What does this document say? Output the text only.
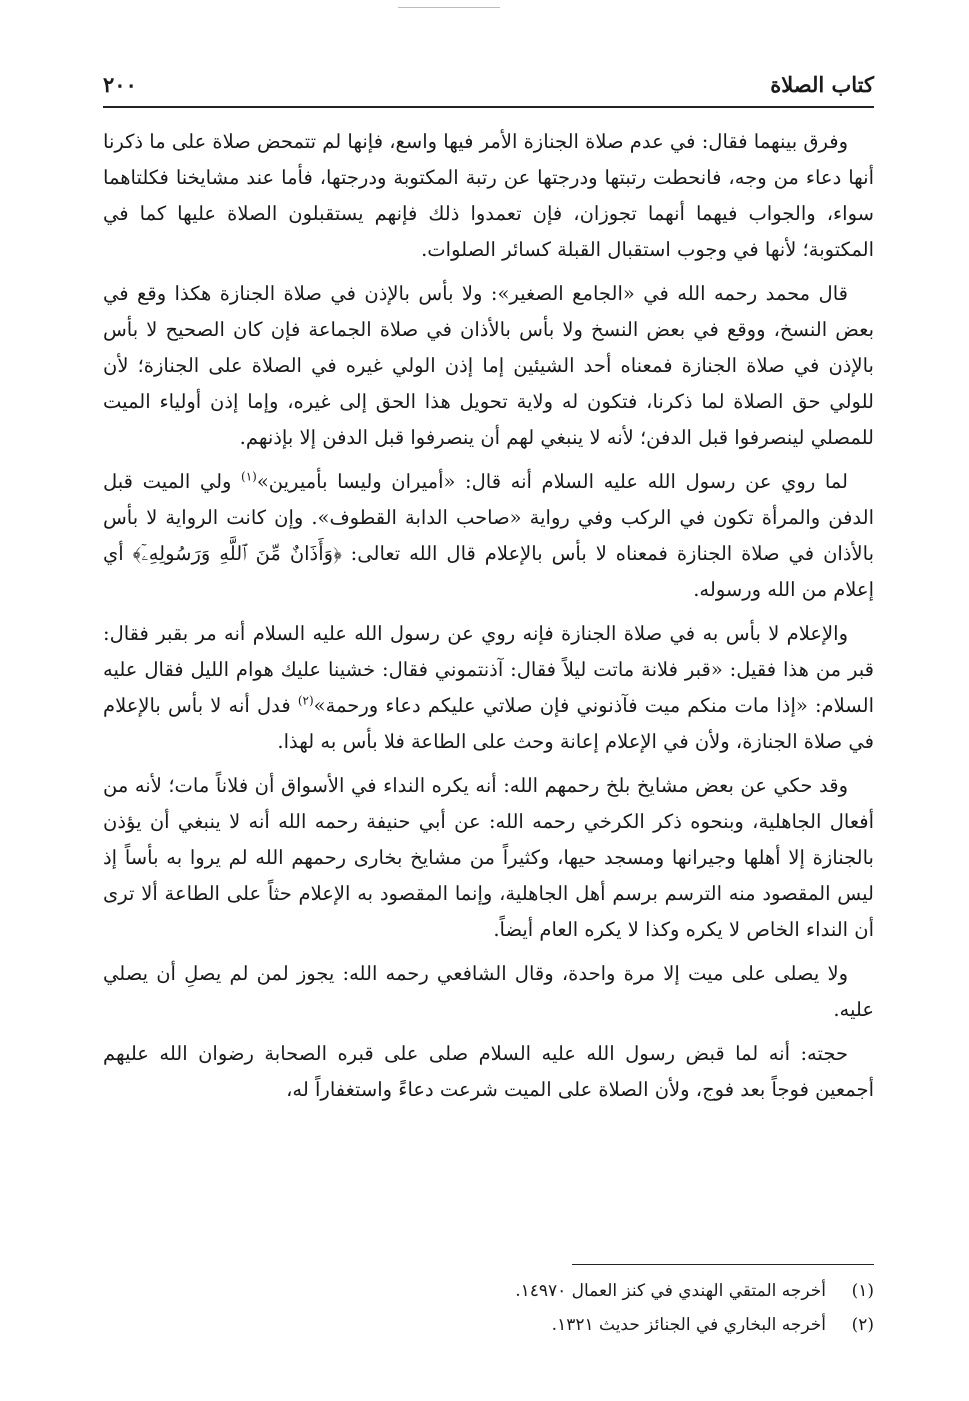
كتاب الصلاة
٢٠٠

وفرق بينهما فقال: في عدم صلاة الجنازة الأمر فيها واسع، فإنها لم تتمحض صلاة على ما ذكرنا أنها دعاء من وجه، فانحطت رتبتها ودرجتها عن رتبة المكتوبة ودرجتها، فأما عند مشايخنا فكلتاهما سواء، والجواب فيهما أنهما تجوزان، فإن تعمدوا ذلك فإنهم يستقبلون الصلاة عليها كما في المكتوبة؛ لأنها في وجوب استقبال القبلة كسائر الصلوات.

قال محمد رحمه الله في «الجامع الصغير»: ولا بأس بالإذن في صلاة الجنازة هكذا وقع في بعض النسخ، ووقع في بعض النسخ ولا بأس بالأذان في صلاة الجماعة فإن كان الصحيح لا بأس بالإذن في صلاة الجنازة فمعناه أحد الشيئين إما إذن الولي غيره في الصلاة على الجنازة؛ لأن للولي حق الصلاة لما ذكرنا، فتكون له ولاية تحويل هذا الحق إلى غيره، وإما إذن أولياء الميت للمصلي لينصرفوا قبل الدفن؛ لأنه لا ينبغي لهم أن ينصرفوا قبل الدفن إلا بإذنهم.

لما روي عن رسول الله عليه السلام أنه قال: «أميران وليسا بأميرين»$^{(١)}$ ولي الميت قبل الدفن والمرأة تكون في الركب وفي رواية «صاحب الدابة القطوف». وإن كانت الرواية لا بأس بالأذان في صلاة الجنازة فمعناه لا بأس بالإعلام قال الله تعالى: ﴿وَأَذَانٌ مِّنَ ٱللَّهِ وَرَسُولِهِۦٓ﴾ أي إعلام من الله ورسوله.

والإعلام لا بأس به في صلاة الجنازة فإنه روي عن رسول الله عليه السلام أنه مر بقبر فقال: قبر من هذا فقيل: «قبر فلانة ماتت ليلاً فقال: آذنتموني فقال: خشينا عليك هوام الليل فقال عليه السلام: «إذا مات منكم ميت فآذنوني فإن صلاتي عليكم دعاء ورحمة»$^{(٢)}$ فدل أنه لا بأس بالإعلام في صلاة الجنازة، ولأن في الإعلام إعانة وحث على الطاعة فلا بأس به لهذا.

وقد حكي عن بعض مشايخ بلخ رحمهم الله: أنه يكره النداء في الأسواق أن فلاناً مات؛ لأنه من أفعال الجاهلية، وبنحوه ذكر الكرخي رحمه الله: عن أبي حنيفة رحمه الله أنه لا ينبغي أن يؤذن بالجنازة إلا أهلها وجيرانها ومسجد حيها، وكثيراً من مشايخ بخارى رحمهم الله لم يروا به بأساً إذ ليس المقصود منه الترسم برسم أهل الجاهلية، وإنما المقصود به الإعلام حثاً على الطاعة ألا ترى أن النداء الخاص لا يكره وكذا لا يكره العام أيضاً.

ولا يصلى على ميت إلا مرة واحدة، وقال الشافعي رحمه الله: يجوز لمن لم يصلِ أن يصلي عليه.

حجته: أنه لما قبض رسول الله عليه السلام صلى على قبره الصحابة رضوان الله عليهم أجمعين فوجاً بعد فوج، ولأن الصلاة على الميت شرعت دعاءً واستغفاراً له،

(١)
أخرجه المتقي الهندي في كنز العمال ١٤٩٧٠.
(٢)
أخرجه البخاري في الجنائز حديث ١٣٢١.
